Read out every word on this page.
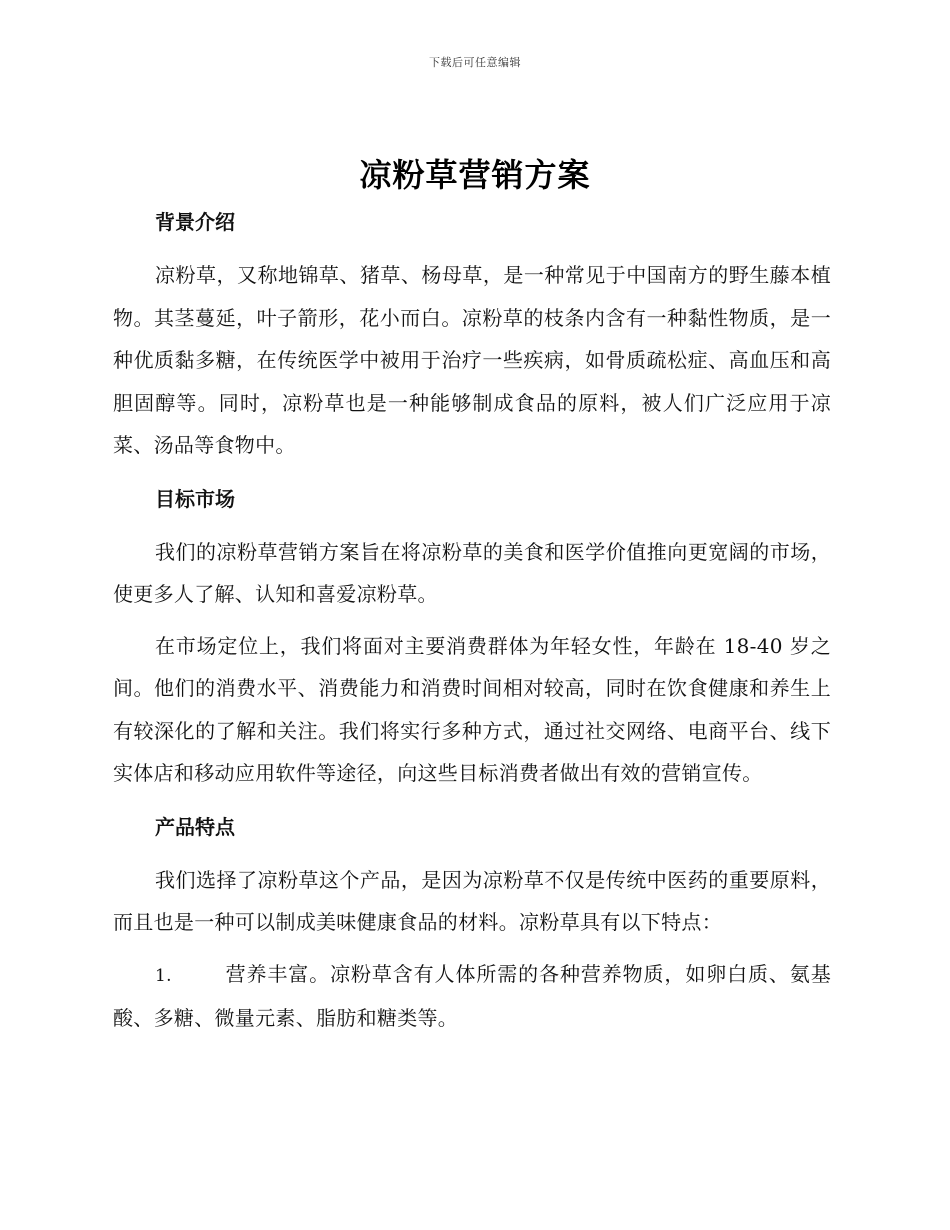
下载后可任意编辑
凉粉草营销方案
背景介绍

凉粉草，又称地锦草、猪草、杨母草，是一种常见于中国南方的野生藤本植物。其茎蔓延，叶子箭形，花小而白。凉粉草的枝条内含有一种黏性物质，是一种优质黏多糖，在传统医学中被用于治疗一些疾病，如骨质疏松症、高血压和高胆固醇等。同时，凉粉草也是一种能够制成食品的原料，被人们广泛应用于凉菜、汤品等食物中。

目标市场

我们的凉粉草营销方案旨在将凉粉草的美食和医学价值推向更宽阔的市场，使更多人了解、认知和喜爱凉粉草。

在市场定位上，我们将面对主要消费群体为年轻女性，年龄在 18-40 岁之间。他们的消费水平、消费能力和消费时间相对较高，同时在饮食健康和养生上有较深化的了解和关注。我们将实行多种方式，通过社交网络、电商平台、线下实体店和移动应用软件等途径，向这些目标消费者做出有效的营销宣传。

产品特点

我们选择了凉粉草这个产品，是因为凉粉草不仅是传统中医药的重要原料，而且也是一种可以制成美味健康食品的材料。凉粉草具有以下特点：

1.	营养丰富。凉粉草含有人体所需的各种营养物质，如卵白质、氨基酸、多糖、微量元素、脂肪和糖类等。
